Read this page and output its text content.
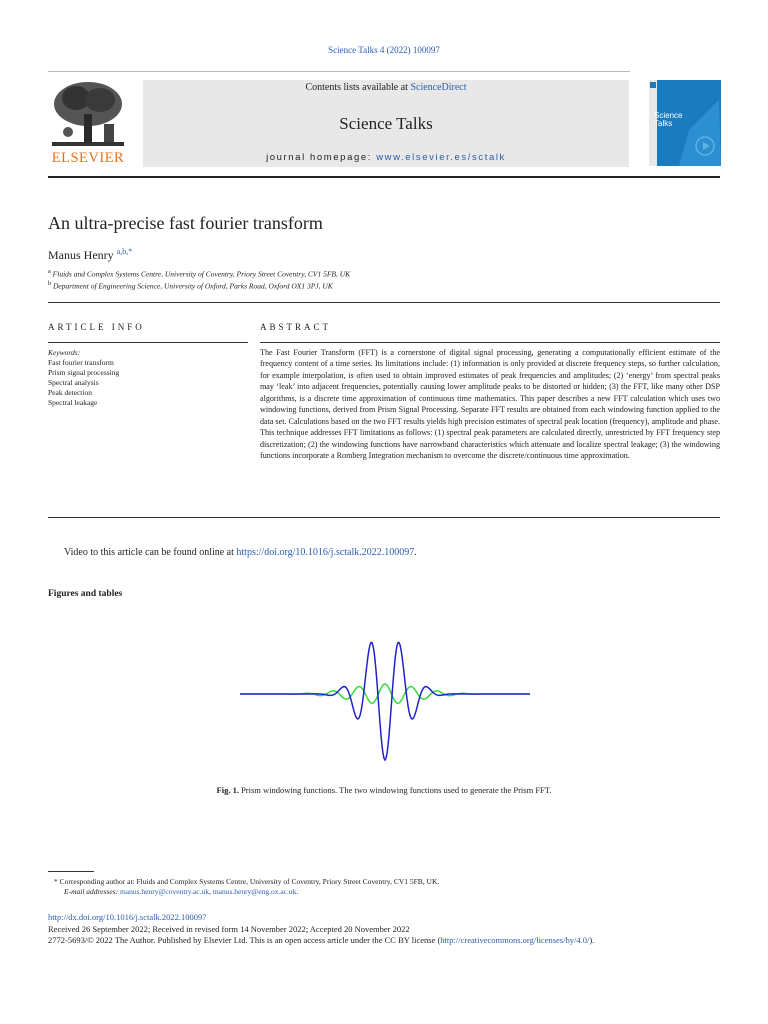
Science Talks 4 (2022) 100097
ELSEVIER
Contents lists available at ScienceDirect
Science Talks
journal homepage: www.elsevier.es/sctalk
Science
Talks
An ultra-precise fast fourier transform
Manus Henry $^{a,b,*}$
$^a$ Fluids and Complex Systems Centre, University of Coventry, Priory Street Coventry, CV1 5FB, UK
$^b$ Department of Engineering Science, University of Oxford, Parks Road, Oxford OX1 3PJ, UK
ARTICLE INFO	ABSTRACT
Keywords:
Fast fourier transform
Prism signal processing
Spectral analysis
Peak detection
Spectral leakage
The Fast Fourier Transform (FFT) is a cornerstone of digital signal processing, generating a computationally efficient estimate of the frequency content of a time series. Its limitations include: (1) information is only provided at discrete frequency steps, so further calculation, for example interpolation, is often used to obtain improved estimates of peak frequencies and amplitudes; (2) ‘energy’ from spectral peaks may ‘leak’ into adjacent frequencies, potentially causing lower amplitude peaks to be distorted or hidden; (3) the FFT, like many other DSP algorithms, is a discrete time approximation of continuous time mathematics. This paper describes a new FFT calculation which uses two windowing functions, derived from Prism Signal Processing. Separate FFT results are obtained from each windowing function applied to the data set. Calculations based on the two FFT results yields high precision estimates of spectral peak location (frequency), amplitude and phase. This technique addresses FFT limitations as follows: (1) spectral peak parameters are calculated directly, unrestricted by FFT frequency step discretization; (2) the windowing functions have narrowband characteristics which attenuate and localize spectral leakage; (3) the windowing functions incorporate a Romberg Integration mechanism to overcome the discrete/continuous time approximation.
Video to this article can be found online at https://doi.org/10.1016/j.sctalk.2022.100097.
Figures and tables
Fig. 1. Prism windowing functions. The two windowing functions used to generate the Prism FFT.
* Corresponding author at: Fluids and Complex Systems Centre, University of Coventry, Priory Street Coventry, CV1 5FB, UK.
E-mail addresses: manus.henry@coventry.ac.uk, manus.henry@eng.ox.ac.uk.
http://dx.doi.org/10.1016/j.sctalk.2022.100097
Received 26 September 2022; Received in revised form 14 November 2022; Accepted 20 November 2022
2772-5693/© 2022 The Author. Published by Elsevier Ltd. This is an open access article under the CC BY license (http://creativecommons.org/licenses/by/4.0/).
